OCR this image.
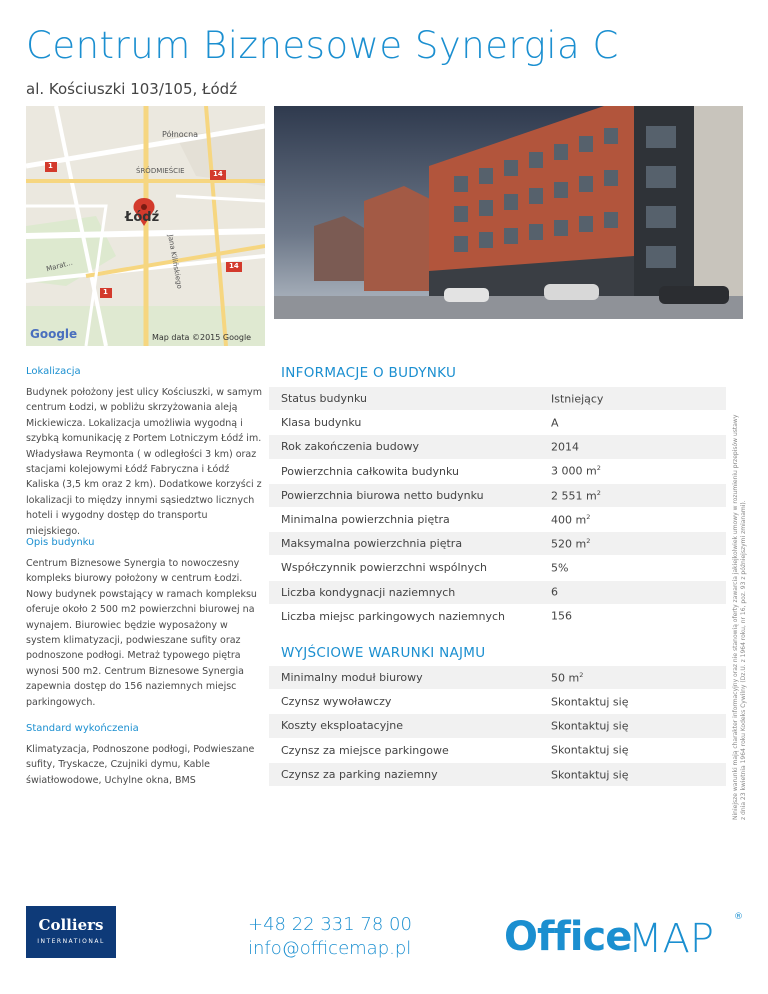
Centrum Biznesowe Synergia C
al. Kościuszki 103/105, Łódź
Północna
ŚRÓDMIEŚCIE
Łódź
Jana Kilińskiego
Marat...
1
14
14
1
Google	Map data ©2015 Google
Lokalizacja
Budynek położony jest ulicy Kościuszki, w samym centrum Łodzi, w pobliżu skrzyżowania aleją Mickiewicza. Lokalizacja umożliwia wygodną i szybką komunikację z Portem Lotniczym Łódź im. Władysława Reymonta ( w odległości 3 km) oraz stacjami kolejowymi Łódź Fabryczna i Łódź Kaliska (3,5 km oraz 2 km). Dodatkowe korzyści z lokalizacji to między innymi sąsiedztwo licznych hoteli i wygodny dostęp do transportu miejskiego.
Opis budynku
Centrum Biznesowe Synergia to nowoczesny kompleks biurowy położony w centrum Łodzi. Nowy budynek powstający w ramach kompleksu oferuje około 2 500 m2 powierzchni biurowej na wynajem. Biurowiec będzie wyposażony w system klimatyzacji, podwieszane sufity oraz podnoszone podłogi. Metraż typowego piętra wynosi 500 m2. Centrum Biznesowe Synergia zapewnia dostęp do 156 naziemnych miejsc parkingowych.
Standard wykończenia
Klimatyzacja, Podnoszone podłogi, Podwieszane sufity, Tryskacze, Czujniki dymu, Kable światłowodowe, Uchylne okna, BMS
INFORMACJE O BUDYNKU
Status budynku	Istniejący
Klasa budynku	A
Rok zakończenia budowy	2014
Powierzchnia całkowita budynku	3 000 $m^2$
Powierzchnia biurowa netto budynku	2 551 $m^2$
Minimalna powierzchnia piętra	400 $m^2$
Maksymalna powierzchnia piętra	520 $m^2$
Współczynnik powierzchni wspólnych	5%
Liczba kondygnacji naziemnych	6
Liczba miejsc parkingowych naziemnych	156
WYJŚCIOWE WARUNKI NAJMU
Minimalny moduł biurowy	50 $m^2$
Czynsz wywoławczy	Skontaktuj się
Koszty eksploatacyjne	Skontaktuj się
Czynsz za miejsce parkingowe	Skontaktuj się
Czynsz za parking naziemny	Skontaktuj się	Niniejsze warunki mają charakter informacyjny oraz nie stanowią oferty zawarcia jakiejkolwiek umowy w rozumieniu przepisów ustawy z dnia 23 kwietnia 1964 roku Kodeks Cywilny (Dz.U. z 1964 roku, nr 16, poz. 93 z późniejszymi zmianami).
Colliers
INTERNATIONAL
+48 22 331 78 00
info@officemap.pl Office
MAP ®
